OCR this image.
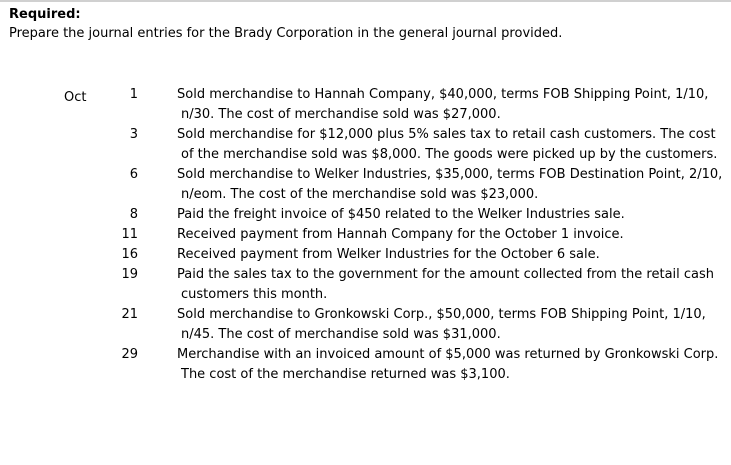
Required:
Prepare the journal entries for the Brady Corporation in the general journal provided.
Oct	1	Sold merchandise to Hannah Company, $40,000, terms FOB Shipping Point, 1/10, n/30. The cost of merchandise sold was $27,000.
3	Sold merchandise for $12,000 plus 5% sales tax to retail cash customers. The cost of the merchandise sold was $8,000. The goods were picked up by the customers.
6	Sold merchandise to Welker Industries, $35,000, terms FOB Destination Point, 2/10, n/eom. The cost of the merchandise sold was $23,000.
8	Paid the freight invoice of $450 related to the Welker Industries sale.
11	Received payment from Hannah Company for the October 1 invoice.
16	Received payment from Welker Industries for the October 6 sale.
19	Paid the sales tax to the government for the amount collected from the retail cash customers this month.
21	Sold merchandise to Gronkowski Corp., $50,000, terms FOB Shipping Point, 1/10, n/45. The cost of merchandise sold was $31,000.
29	Merchandise with an invoiced amount of $5,000 was returned by Gronkowski Corp. The cost of the merchandise returned was $3,100.
